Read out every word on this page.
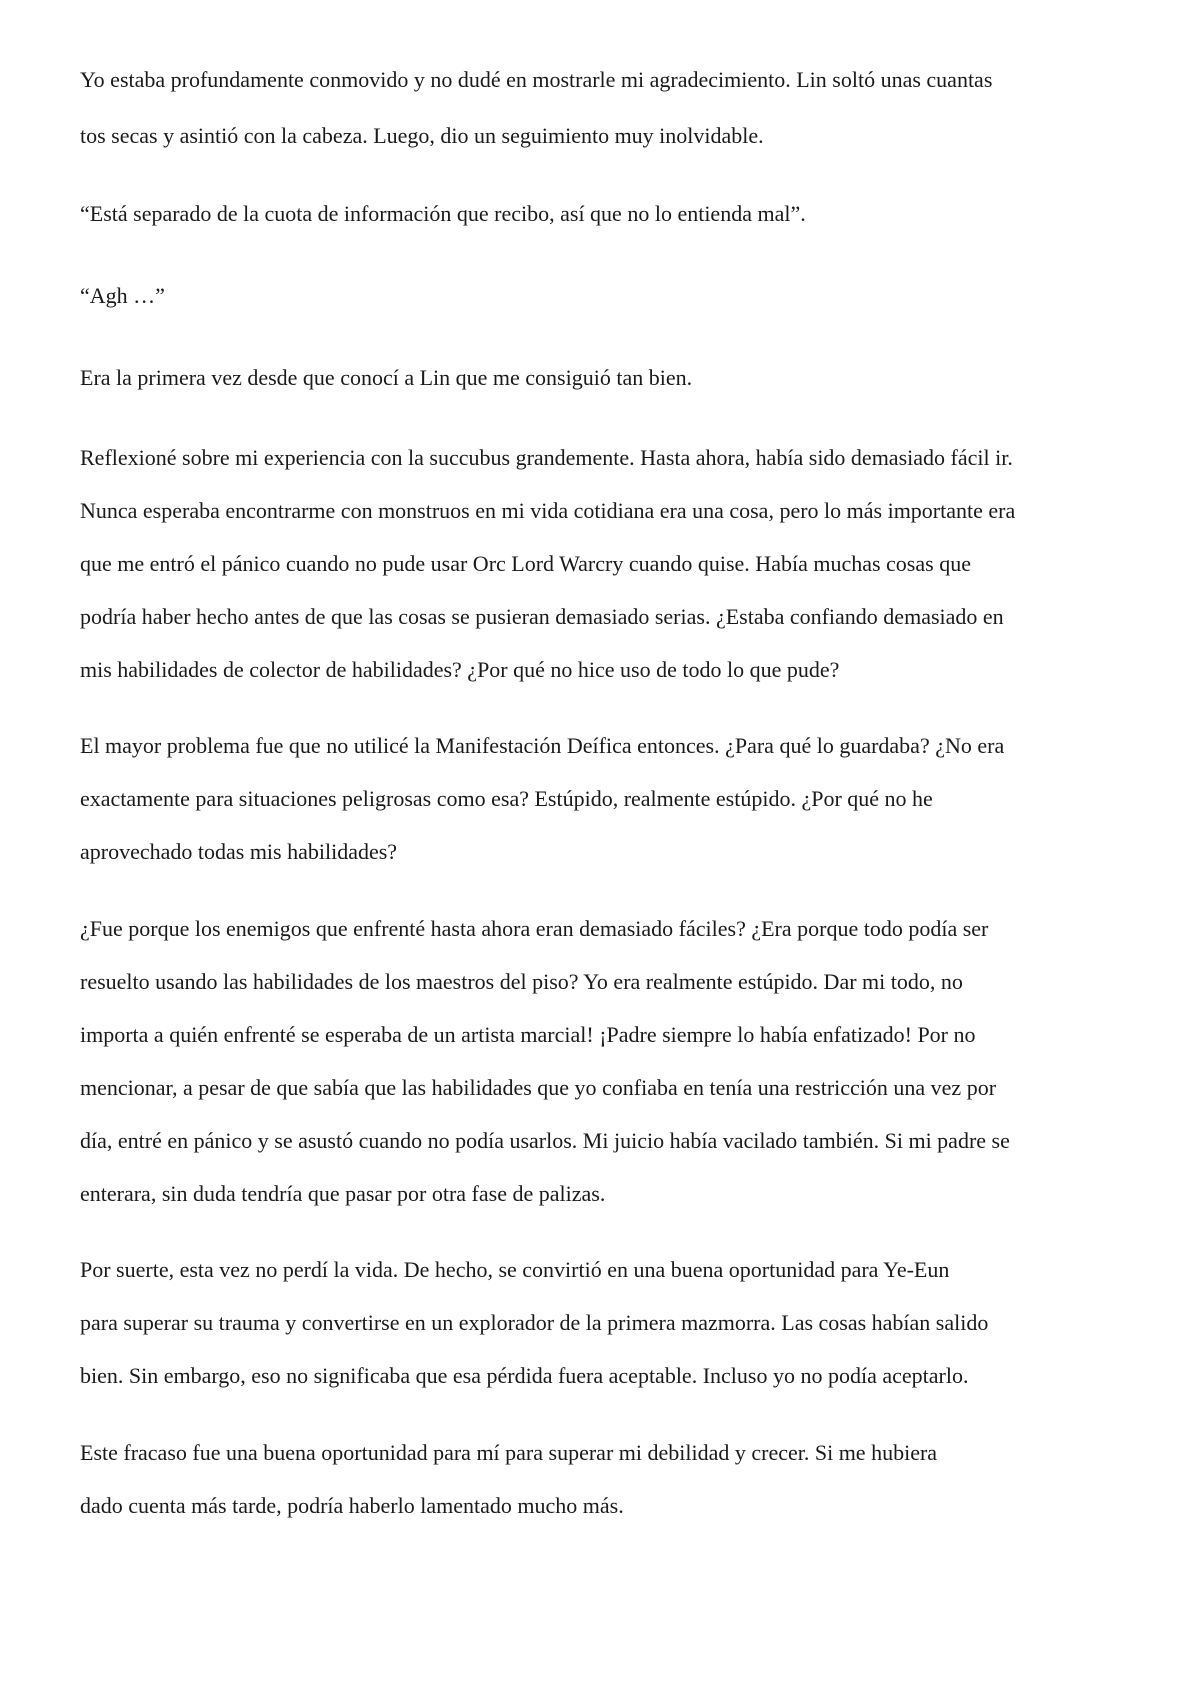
Yo estaba profundamente conmovido y no dudé en mostrarle mi agradecimiento. Lin soltó unas cuantas
tos secas y asintió con la cabeza. Luego, dio un seguimiento muy inolvidable.
“Está separado de la cuota de información que recibo, así que no lo entienda mal”.
“Agh …”
Era la primera vez desde que conocí a Lin que me consiguió tan bien.
Reflexioné sobre mi experiencia con la succubus grandemente. Hasta ahora, había sido demasiado fácil ir.
Nunca esperaba encontrarme con monstruos en mi vida cotidiana era una cosa, pero lo más importante era
que me entró el pánico cuando no pude usar Orc Lord Warcry cuando quise. Había muchas cosas que
podría haber hecho antes de que las cosas se pusieran demasiado serias. ¿Estaba confiando demasiado en
mis habilidades de colector de habilidades? ¿Por qué no hice uso de todo lo que pude?
El mayor problema fue que no utilicé la Manifestación Deífica entonces. ¿Para qué lo guardaba? ¿No era
exactamente para situaciones peligrosas como esa? Estúpido, realmente estúpido. ¿Por qué no he
aprovechado todas mis habilidades?
¿Fue porque los enemigos que enfrenté hasta ahora eran demasiado fáciles? ¿Era porque todo podía ser
resuelto usando las habilidades de los maestros del piso? Yo era realmente estúpido. Dar mi todo, no
importa a quién enfrenté se esperaba de un artista marcial! ¡Padre siempre lo había enfatizado! Por no
mencionar, a pesar de que sabía que las habilidades que yo confiaba en tenía una restricción una vez por
día, entré en pánico y se asustó cuando no podía usarlos. Mi juicio había vacilado también. Si mi padre se
enterara, sin duda tendría que pasar por otra fase de palizas.
Por suerte, esta vez no perdí la vida. De hecho, se convirtió en una buena oportunidad para Ye-Eun
para superar su trauma y convertirse en un explorador de la primera mazmorra. Las cosas habían salido
bien. Sin embargo, eso no significaba que esa pérdida fuera aceptable. Incluso yo no podía aceptarlo.
Este fracaso fue una buena oportunidad para mí para superar mi debilidad y crecer. Si me hubiera
dado cuenta más tarde, podría haberlo lamentado mucho más.
